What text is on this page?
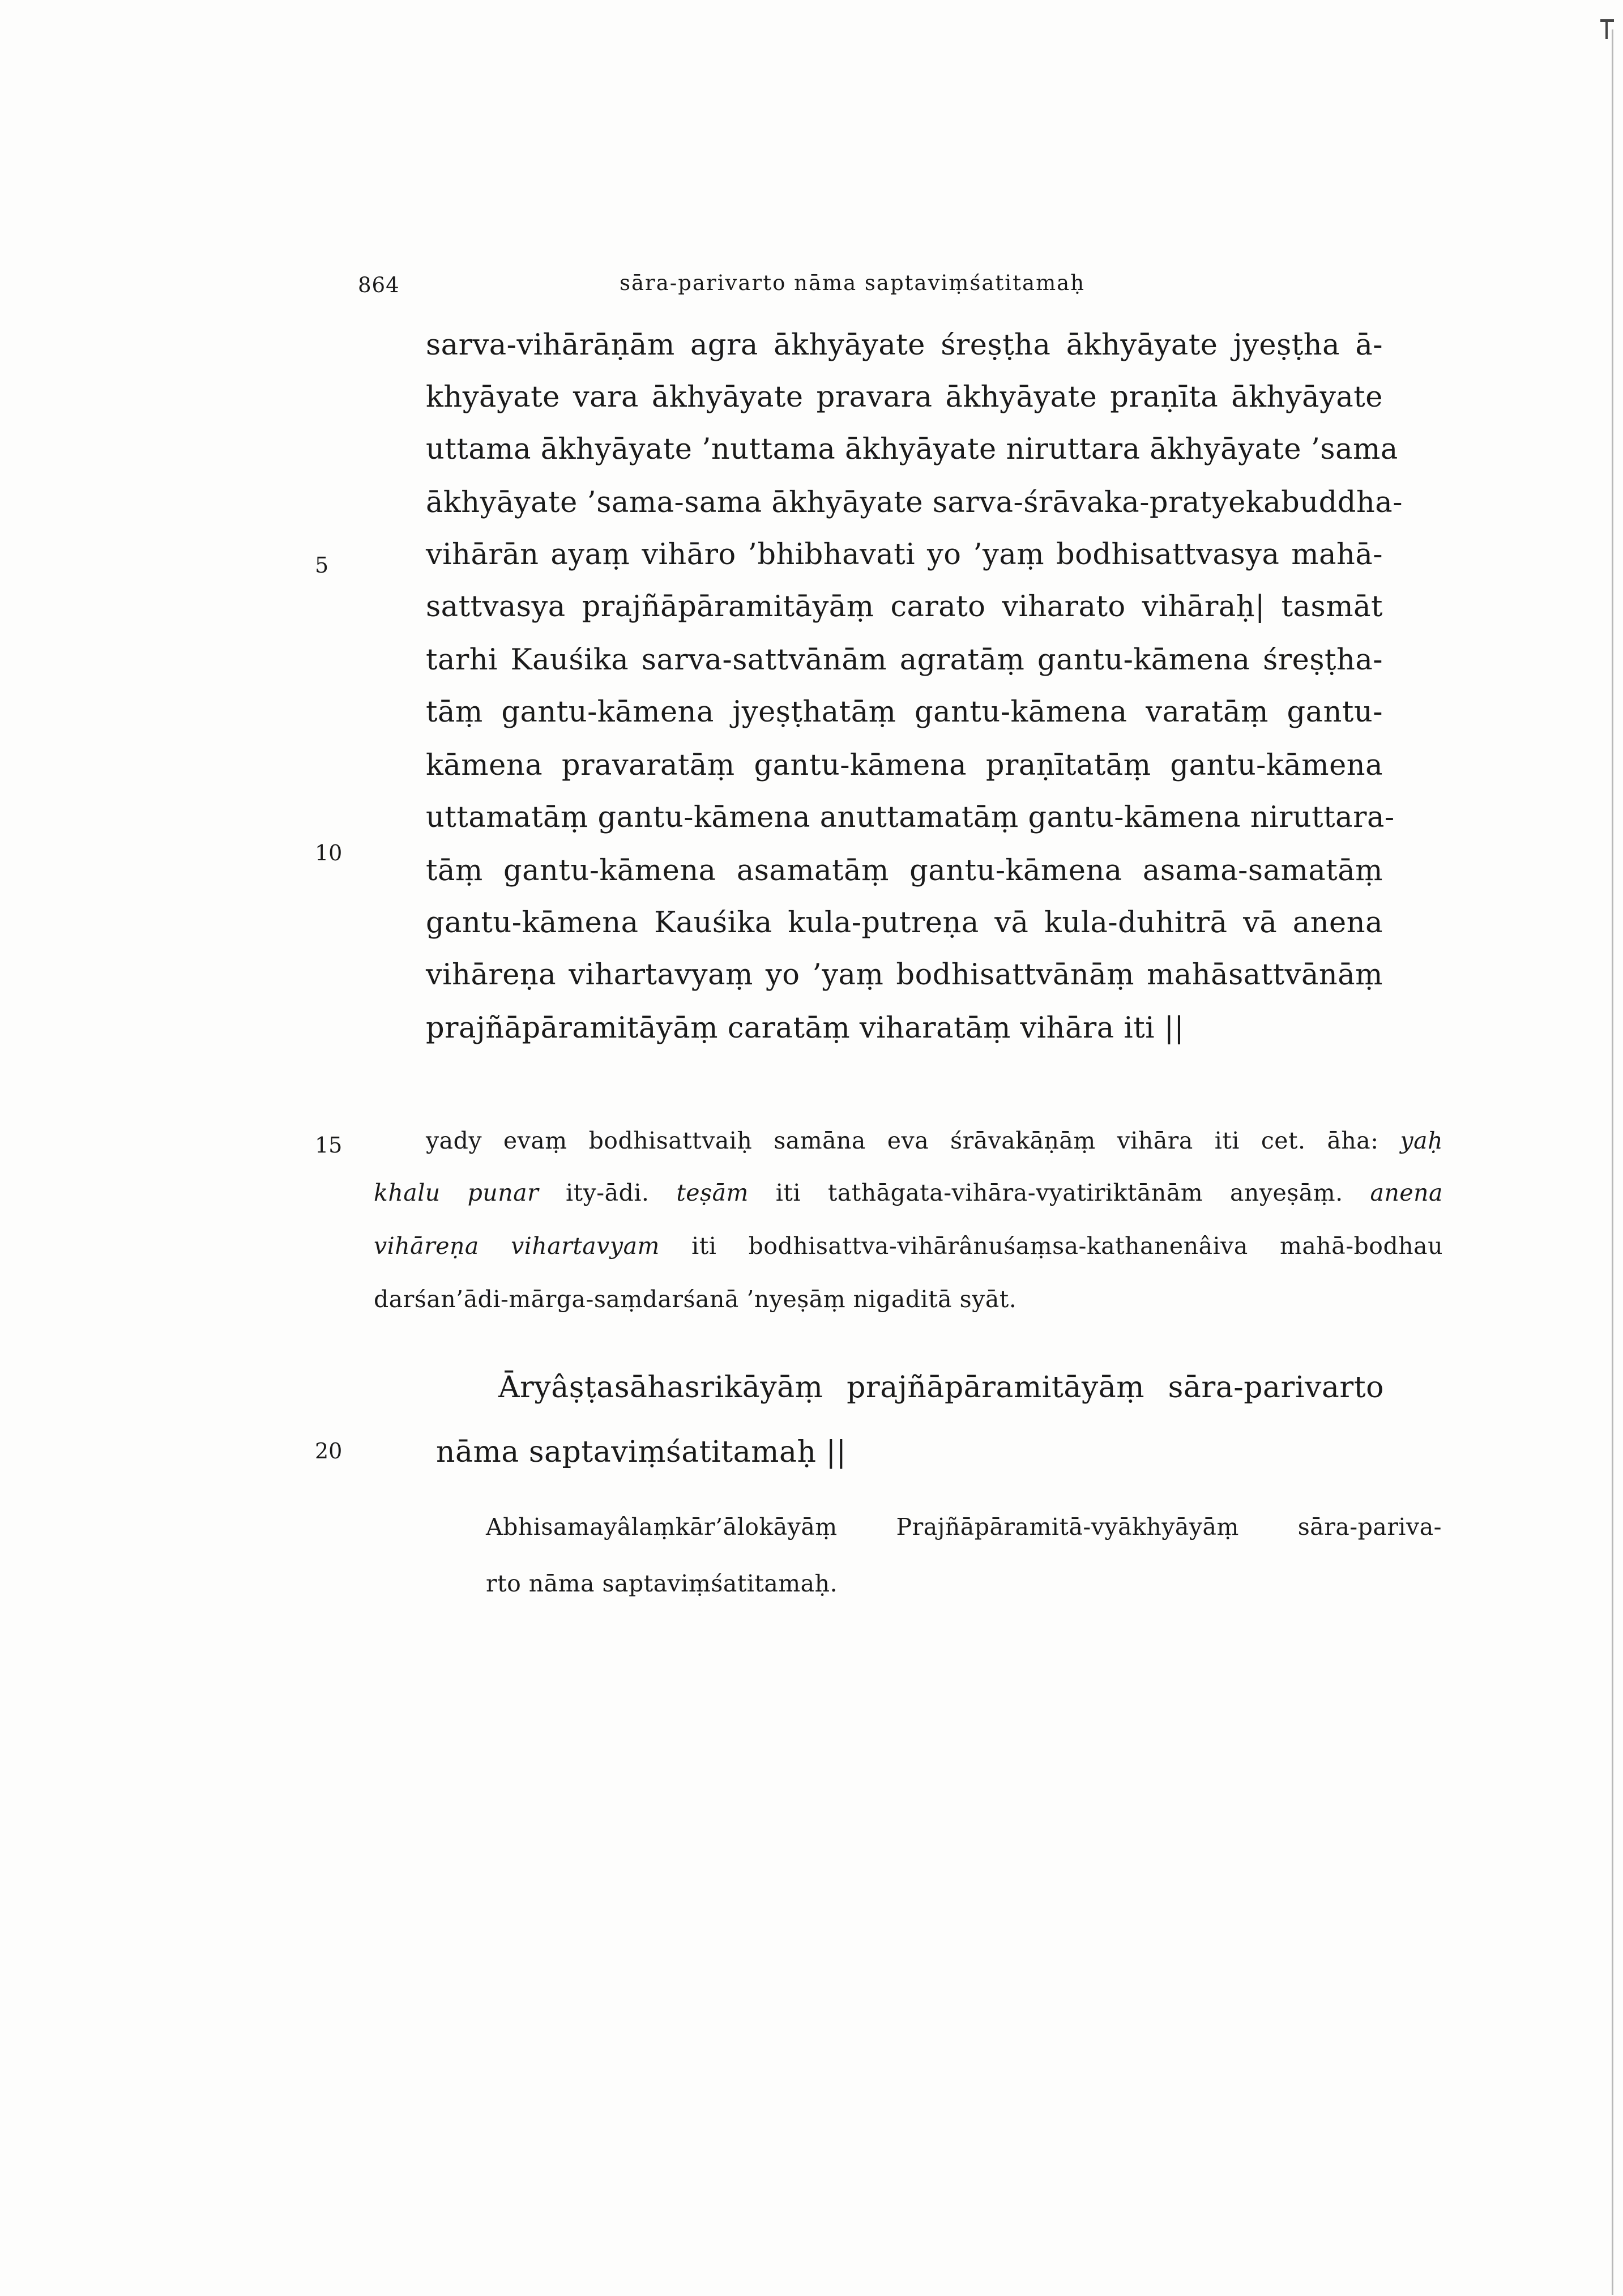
864	sāra-parivarto nāma saptaviṃśatitamaḥ
sarva-vihārāṇām agra ākhyāyate śreṣṭha ākhyāyate jyeṣṭha ā-
khyāyate vara ākhyāyate pravara ākhyāyate praṇīta ākhyāyate
uttama ākhyāyate ’nuttama ākhyāyate niruttara ākhyāyate ’sama
ākhyāyate ’sama-sama ākhyāyate sarva-śrāvaka-pratyekabuddha-
vihārān ayaṃ vihāro ’bhibhavati yo ’yaṃ bodhisattvasya mahā-
sattvasya prajñāpāramitāyāṃ carato viharato vihāraḥ| tasmāt
tarhi Kauśika sarva-sattvānām agratāṃ gantu-kāmena śreṣṭha-
tāṃ gantu-kāmena jyeṣṭhatāṃ gantu-kāmena varatāṃ gantu-
kāmena pravaratāṃ gantu-kāmena praṇītatāṃ gantu-kāmena
uttamatāṃ gantu-kāmena anuttamatāṃ gantu-kāmena niruttara-
tāṃ gantu-kāmena asamatāṃ gantu-kāmena asama-samatāṃ
gantu-kāmena Kauśika kula-putreṇa vā kula-duhitrā vā anena
vihāreṇa vihartavyaṃ yo ’yaṃ bodhisattvānāṃ mahāsattvānāṃ
prajñāpāramitāyāṃ caratāṃ viharatāṃ vihāra iti ||
5
10
15
20
yady evaṃ bodhisattvaiḥ samāna eva śrāvakāṇāṃ vihāra iti cet. āha: yaḥ
khalu punar ity-ādi. teṣām iti tathāgata-vihāra-vyatiriktānām anyeṣāṃ. anena
vihāreṇa vihartavyam iti bodhisattva-vihārânuśaṃsa-kathanenâiva mahā-bodhau
darśan’ādi-mārga-saṃdarśanā ’nyeṣāṃ nigaditā syāt.
Āryâṣṭasāhasrikāyāṃ prajñāpāramitāyāṃ sāra-parivarto
nāma saptaviṃśatitamaḥ ||
Abhisamayâlaṃkār’ālokāyāṃ Prajñāpāramitā-vyākhyāyāṃ sāra-pariva-
rto nāma saptaviṃśatitamaḥ.
